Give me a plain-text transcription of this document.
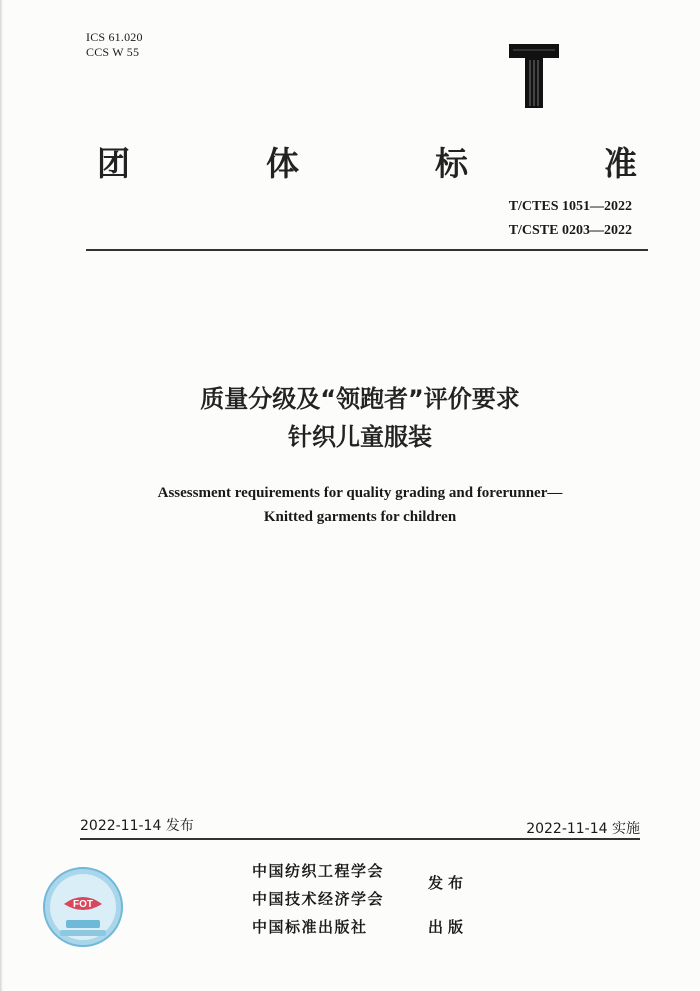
ICS 61.020
CCS W 55
团	体	标	准
T/CTES 1051—2022
T/CSTE 0203—2022
质量分级及“领跑者”评价要求
针织儿童服装
Assessment requirements for quality grading and forerunner—
Knitted garments for children
2022-11-14 发布	2022-11-14 实施
FOT
中国纺织工程学会
中国技术经济学会
中国标准出版社
发布
出版
